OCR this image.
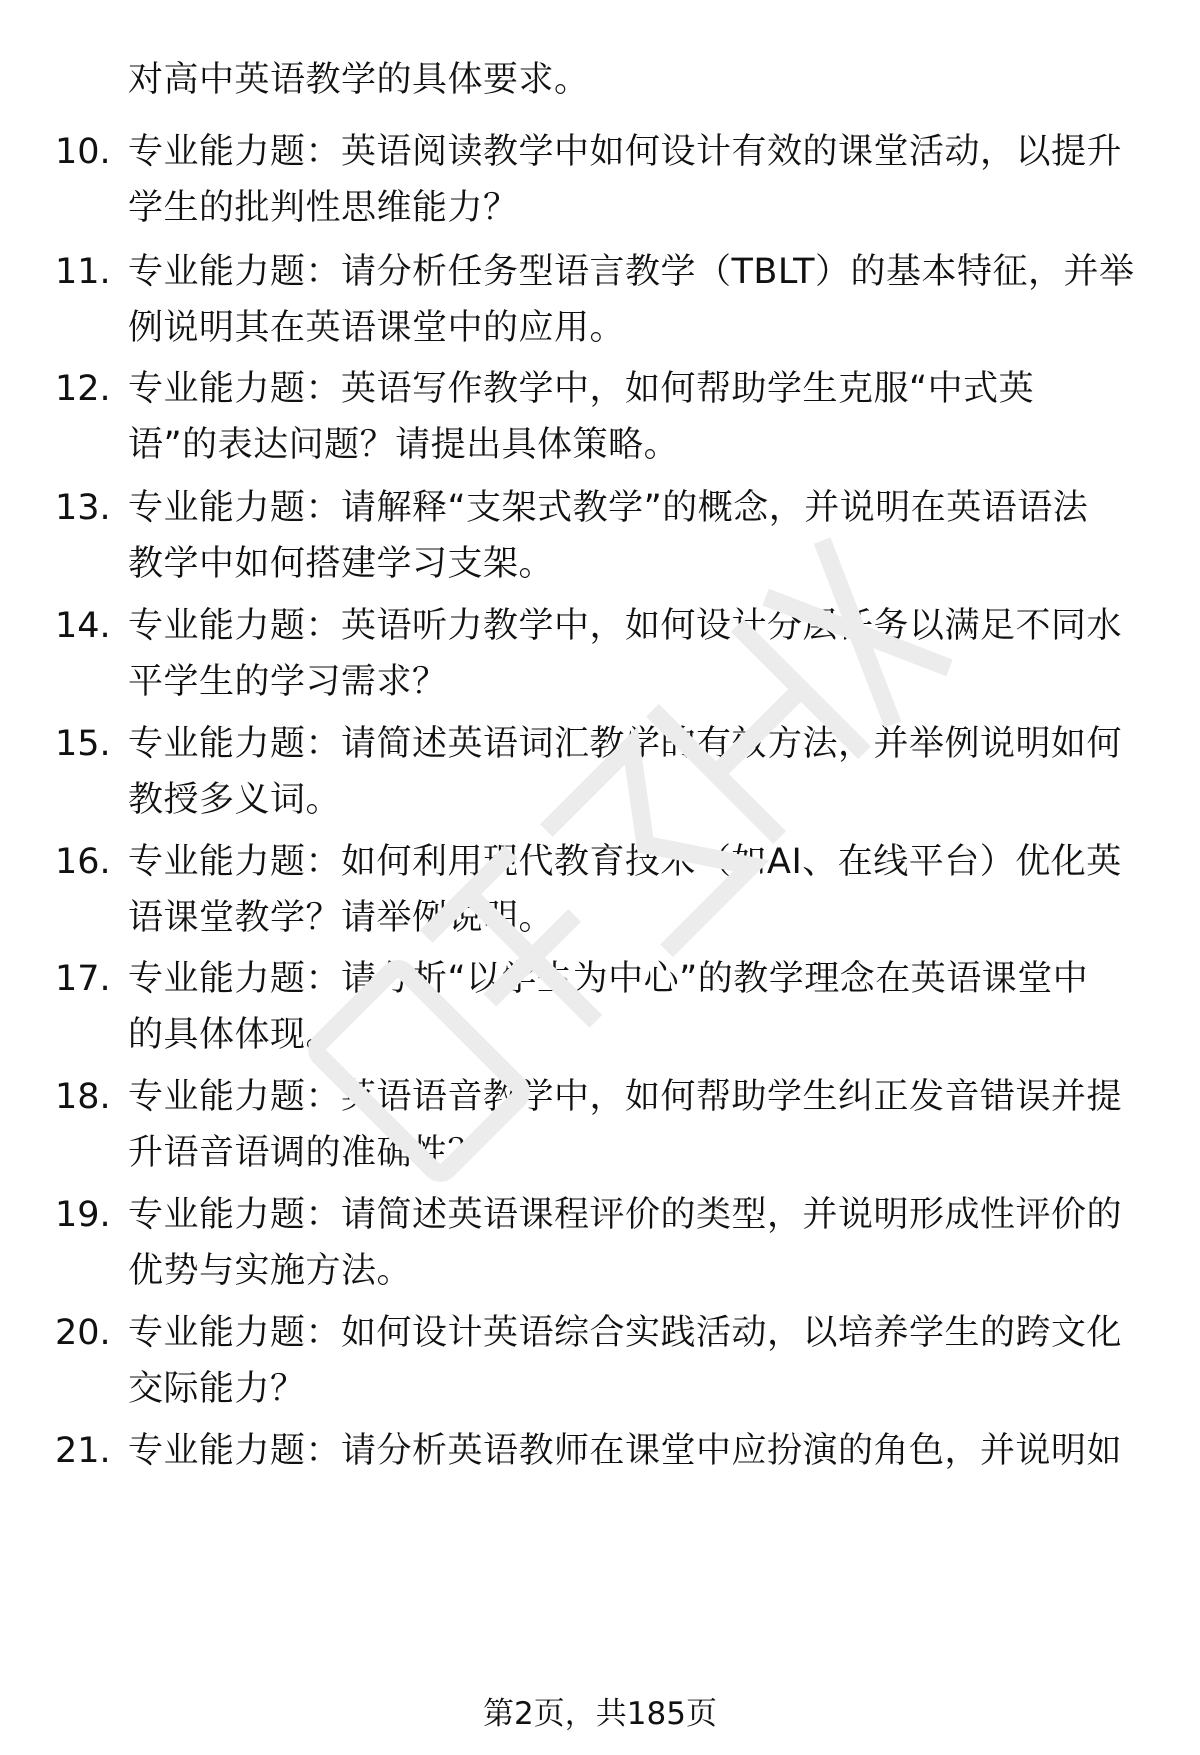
对高中英语教学的具体要求。
10. 专业能力题：英语阅读教学中如何设计有效的课堂活动，以提升
学生的批判性思维能力？
11. 专业能力题：请分析任务型语言教学（TBLT）的基本特征，并举
例说明其在英语课堂中的应用。
12. 专业能力题：英语写作教学中，如何帮助学生克服“中式英
语”的表达问题？请提出具体策略。
13. 专业能力题：请解释“支架式教学”的概念，并说明在英语语法
教学中如何搭建学习支架。
14. 专业能力题：英语听力教学中，如何设计分层任务以满足不同水
平学生的学习需求？
15. 专业能力题：请简述英语词汇教学的有效方法，并举例说明如何
教授多义词。
16. 专业能力题：如何利用现代教育技术（如AI、在线平台）优化英
语课堂教学？请举例说明。
17. 专业能力题：请分析“以学生为中心”的教学理念在英语课堂中
的具体体现。
18. 专业能力题：英语语音教学中，如何帮助学生纠正发音错误并提
升语音语调的准确性？
19. 专业能力题：请简述英语课程评价的类型，并说明形成性评价的
优势与实施方法。
20. 专业能力题：如何设计英语综合实践活动，以培养学生的跨文化
交际能力？
21. 专业能力题：请分析英语教师在课堂中应扮演的角色，并说明如
第2页，共185页
